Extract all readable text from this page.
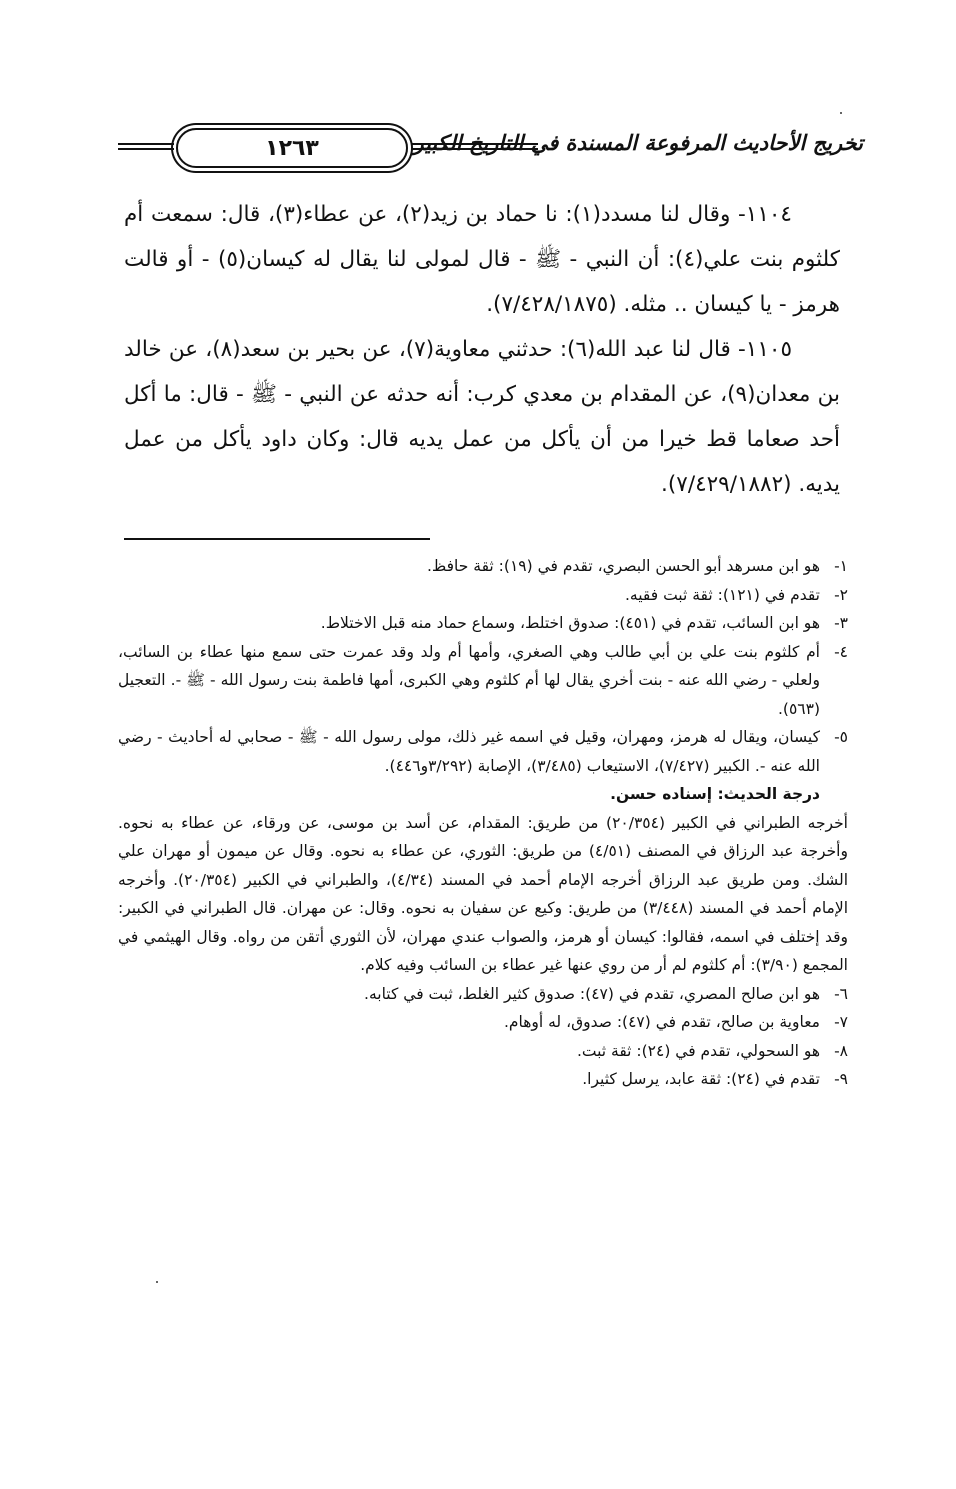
تخريج الأحاديث المرفوعة المسندة في التاريخ الكبير
١٢٦٣

١١٠٤- وقال لنا مسدد(١): نا حماد بن زيد(٢)، عن عطاء(٣)، قال: سمعت أم كلثوم بنت علي(٤): أن النبي - ﷺ - قال لمولى لنا يقال له كيسان(٥) - أو قالت هرمز - يا كيسان .. مثله. (٧/٤٢٨/١٨٧٥).

١١٠٥- قال لنا عبد الله(٦): حدثني معاوية(٧)، عن بحير بن سعد(٨)، عن خالد بن معدان(٩)، عن المقدام بن معدي كرب: أنه حدثه عن النبي - ﷺ - قال: ما أكل أحد صعاما قط خيرا من أن يأكل من عمل يديه قال: وكان داود يأكل من عمل يديه. (٧/٤٢٩/١٨٨٢).

١-
هو ابن مسرهد أبو الحسن البصري، تقدم في (١٩): ثقة حافظ.
٢-
تقدم في (١٢١): ثقة ثبت فقيه.
٣-
هو ابن السائب، تقدم في (٤٥١): صدوق اختلط، وسماع حماد منه قبل الاختلاط.
٤-
أم كلثوم بنت علي بن أبي طالب وهي الصغري، وأمها أم ولد وقد عمرت حتى سمع منها عطاء بن السائب، ولعلي - رضي الله عنه - بنت أخري يقال لها أم كلثوم وهي الكبرى، أمها فاطمة بنت رسول الله - ﷺ -. التعجيل (٥٦٣).
٥-
كيسان، ويقال له هرمز، ومهران، وقيل في اسمه غير ذلك، مولى رسول الله - ﷺ - صحابي له أحاديث - رضي الله عنه -. الكبير (٧/٤٢٧)، الاستيعاب (٣/٤٨٥)، الإصابة (٣/٢٩٢و٤٤٦).

درجة الحديث: إسناده حسن.

أخرجه الطبراني في الكبير (٢٠/٣٥٤) من طريق: المقدام، عن أسد بن موسى، عن ورقاء، عن عطاء به نحوه. وأخرجة عبد الرزاق في المصنف (٤/٥١) من طريق: الثوري، عن عطاء به نحوه. وقال عن ميمون أو مهران علي الشك. ومن طريق عبد الرزاق أخرجه الإمام أحمد في المسند (٤/٣٤)، والطبراني في الكبير (٢٠/٣٥٤). وأخرجه الإمام أحمد في المسند (٣/٤٤٨) من طريق: وكيع عن سفيان به نحوه. وقال: عن مهران. قال الطبراني في الكبير: وقد إختلف في اسمه، فقالوا: كيسان أو هرمز، والصواب عندي مهران، لأن الثوري أتقن من رواه. وقال الهيثمي في المجمع (٣/٩٠): أم كلثوم لم أر من روي عنها غير عطاء بن السائب وفيه كلام.

٦-
هو ابن صالح المصري، تقدم في (٤٧): صدوق كثير الغلط، ثبت في كتابه.
٧-
معاوية بن صالح، تقدم في (٤٧): صدوق، له أوهام.
٨-
هو السحولي، تقدم في (٢٤): ثقة ثبت.
٩-
تقدم في (٢٤): ثقة عابد، يرسل كثيرا.
